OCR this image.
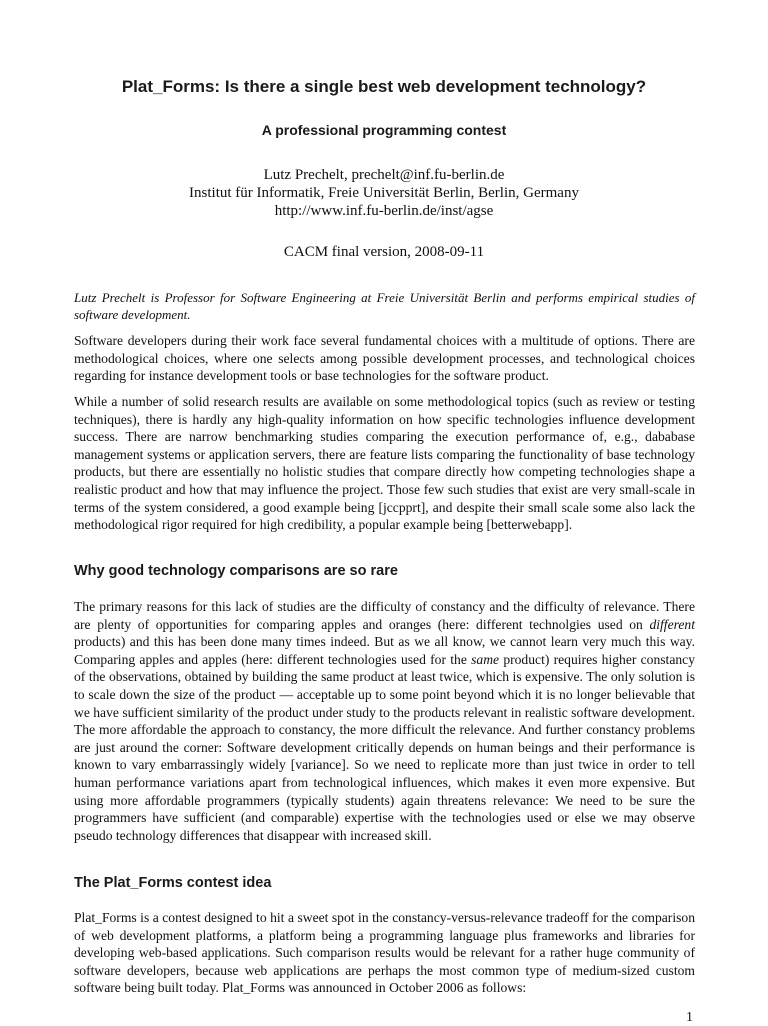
Plat_Forms: Is there a single best web development technology?
A professional programming contest
Lutz Prechelt, prechelt@inf.fu-berlin.de
Institut für Informatik, Freie Universität Berlin, Berlin, Germany
http://www.inf.fu-berlin.de/inst/agse
CACM final version, 2008-09-11
Lutz Prechelt is Professor for Software Engineering at Freie Universität Berlin and performs empirical studies of software development.
Software developers during their work face several fundamental choices with a multitude of options. There are methodological choices, where one selects among possible development processes, and technological choices regarding for instance development tools or base technologies for the software product.
While a number of solid research results are available on some methodological topics (such as review or testing techniques), there is hardly any high-quality information on how specific technologies influence development success. There are narrow benchmarking studies comparing the execution performance of, e.g., dababase management systems or application servers, there are feature lists comparing the functionality of base technology products, but there are essentially no holistic studies that compare directly how competing technologies shape a realistic product and how that may influence the project. Those few such studies that exist are very small-scale in terms of the system considered, a good example being [jccpprt], and despite their small scale some also lack the methodological rigor required for high credibility, a popular example being [betterwebapp].
Why good technology comparisons are so rare
The primary reasons for this lack of studies are the difficulty of constancy and the difficulty of relevance. There are plenty of opportunities for comparing apples and oranges (here: different technolgies used on different products) and this has been done many times indeed. But as we all know, we cannot learn very much this way. Comparing apples and apples (here: different technologies used for the same product) requires higher constancy of the observations, obtained by building the same product at least twice, which is expensive. The only solution is to scale down the size of the product — acceptable up to some point beyond which it is no longer believable that we have sufficient similarity of the product under study to the products relevant in realistic software development. The more affordable the approach to constancy, the more difficult the relevance. And further constancy problems are just around the corner: Software development critically depends on human beings and their performance is known to vary embarrassingly widely [variance]. So we need to replicate more than just twice in order to tell human performance variations apart from technological influences, which makes it even more expensive. But using more affordable programmers (typically students) again threatens relevance: We need to be sure the programmers have sufficient (and comparable) expertise with the technologies used or else we may observe pseudo technology differences that disappear with increased skill.
The Plat_Forms contest idea
Plat_Forms is a contest designed to hit a sweet spot in the constancy-versus-relevance tradeoff for the comparison of web development platforms, a platform being a programming language plus frameworks and libraries for developing web-based applications. Such comparison results would be relevant for a rather huge community of software developers, because web applications are perhaps the most common type of medium-sized custom software being built today. Plat_Forms was announced in October 2006 as follows:
1
